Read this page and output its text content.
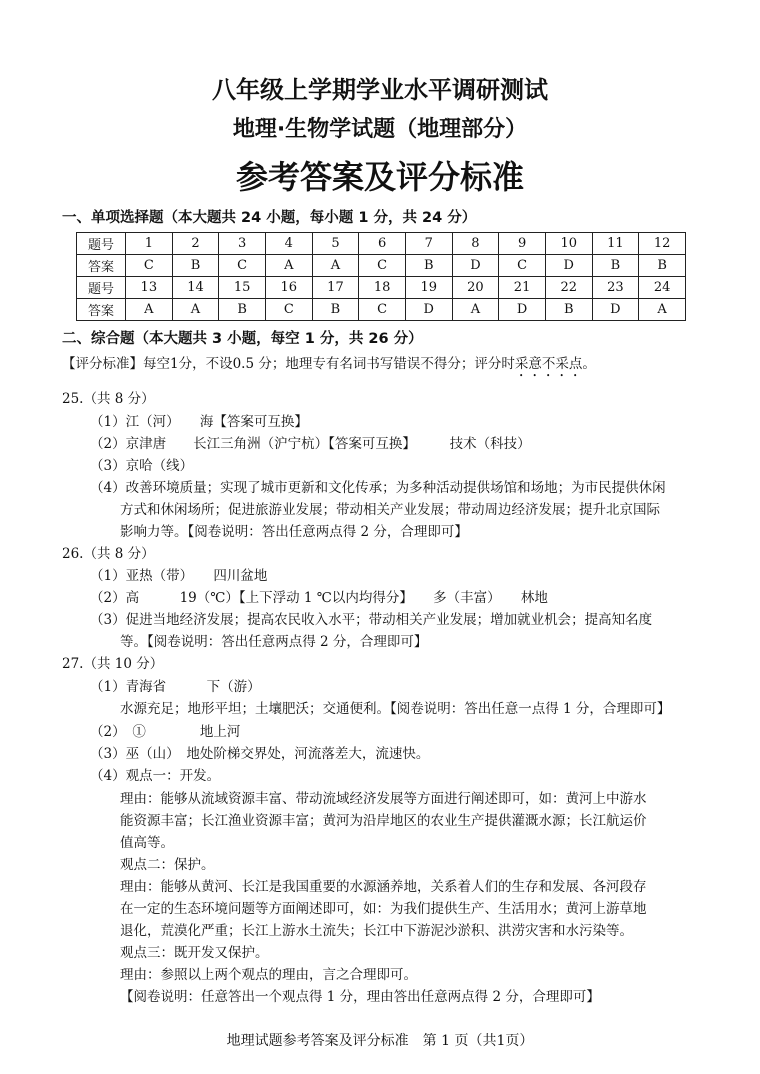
八年级上学期学业水平调研测试
地理·生物学试题（地理部分）
参考答案及评分标准
一、单项选择题（本大题共 24 小题，每小题 1 分，共 24 分）
题号	1	2	3	4	5	6	7	8	9	10	11	12
答案	C	B	C	A	A	C	B	D	C	D	B	B
题号	13	14	15	16	17	18	19	20	21	22	23	24
答案	A	A	B	C	B	C	D	A	D	B	D	A
二、综合题（本大题共 3 小题，每空 1 分，共 26 分）
【评分标准】每空1分，不设0.5 分；地理专有名词书写错误不得分；评分时采意不采点。
25.（共 8 分）
（1）江（河）　　海【答案可互换】
（2）京津唐　　长江三角洲（沪宁杭）【答案可互换】　　　技术（科技）
（3）京哈（线）
（4）改善环境质量；实现了城市更新和文化传承；为多种活动提供场馆和场地；为市民提供休闲
方式和休闲场所；促进旅游业发展；带动相关产业发展；带动周边经济发展；提升北京国际
影响力等。【阅卷说明：答出任意两点得 2 分，合理即可】
26.（共 8 分）
（1）亚热（带）　　四川盆地
（2）高　　　19（℃）【上下浮动 1 ℃以内均得分】　　多（丰富）　　林地
（3）促进当地经济发展；提高农民收入水平；带动相关产业发展；增加就业机会；提高知名度
等。【阅卷说明：答出任意两点得 2 分，合理即可】
27.（共 10 分）
（1）青海省　　　下（游）
水源充足；地形平坦；土壤肥沃；交通便利。【阅卷说明：答出任意一点得 1 分，合理即可】
（2）　①　　　　地上河
（3）巫（山）　地处阶梯交界处，河流落差大，流速快。
（4）观点一：开发。
理由：能够从流域资源丰富、带动流域经济发展等方面进行阐述即可，如：黄河上中游水
能资源丰富；长江渔业资源丰富；黄河为沿岸地区的农业生产提供灌溉水源；长江航运价
值高等。
观点二：保护。
理由：能够从黄河、长江是我国重要的水源涵养地，关系着人们的生存和发展、各河段存
在一定的生态环境问题等方面阐述即可，如：为我们提供生产、生活用水；黄河上游草地
退化，荒漠化严重；长江上游水土流失；长江中下游泥沙淤积、洪涝灾害和水污染等。
观点三：既开发又保护。
理由：参照以上两个观点的理由，言之合理即可。
【阅卷说明：任意答出一个观点得 1 分，理由答出任意两点得 2 分，合理即可】
地理试题参考答案及评分标准　第 1 页（共1页）
